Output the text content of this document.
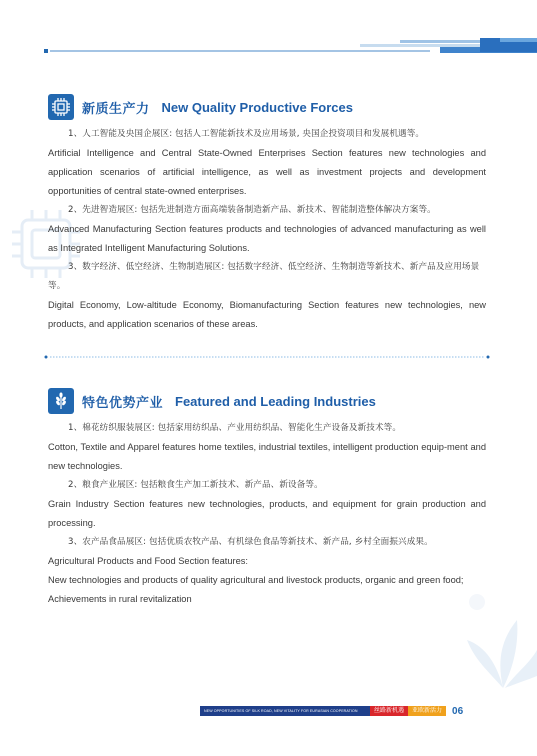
新质生产力 New Quality Productive Forces

1、人工智能及央国企展区: 包括人工智能新技术及应用场景, 央国企投资项目和发展机遇等。

Artificial Intelligence and Central State-Owned Enterprises Section features new technologies and application scenarios of artificial intelligence, as well as investment projects and development opportunities of central state-owned enterprises.

2、先进智造展区: 包括先进制造方面高端装备制造新产品、新技术、智能制造整体解决方案等。

Advanced Manufacturing Section features products and technologies of advanced manufacturing as well as Integrated Intelligent Manufacturing Solutions.

3、数字经济、低空经济、生物制造展区: 包括数字经济、低空经济、生物制造等新技术、新产品及应用场景等。

Digital Economy, Low-altitude Economy, Biomanufacturing Section features new technologies, new products, and application scenarios of these areas.

特色优势产业 Featured and Leading Industries

1、棉花纺织服装展区: 包括家用纺织品、产业用纺织品、智能化生产设备及新技术等。

Cotton, Textile and Apparel features home textiles, industrial textiles, intelligent production equip-ment and new technologies.

2、粮食产业展区: 包括粮食生产加工新技术、新产品、新设备等。

Grain Industry Section features new technologies, products, and equipment for grain production and processing.

3、农产品食品展区: 包括优质农牧产品、有机绿色食品等新技术、新产品, 乡村全面振兴成果。

Agricultural Products and Food Section features:

New technologies and products of quality agricultural and livestock products, organic and green food;

Achievements in rural revitalization

NEW OPPORTUNITIES OF SILK ROAD, NEW VITALITY FOR EURASIAN COOPERATION	丝路新机遇	亚欧新活力	06
